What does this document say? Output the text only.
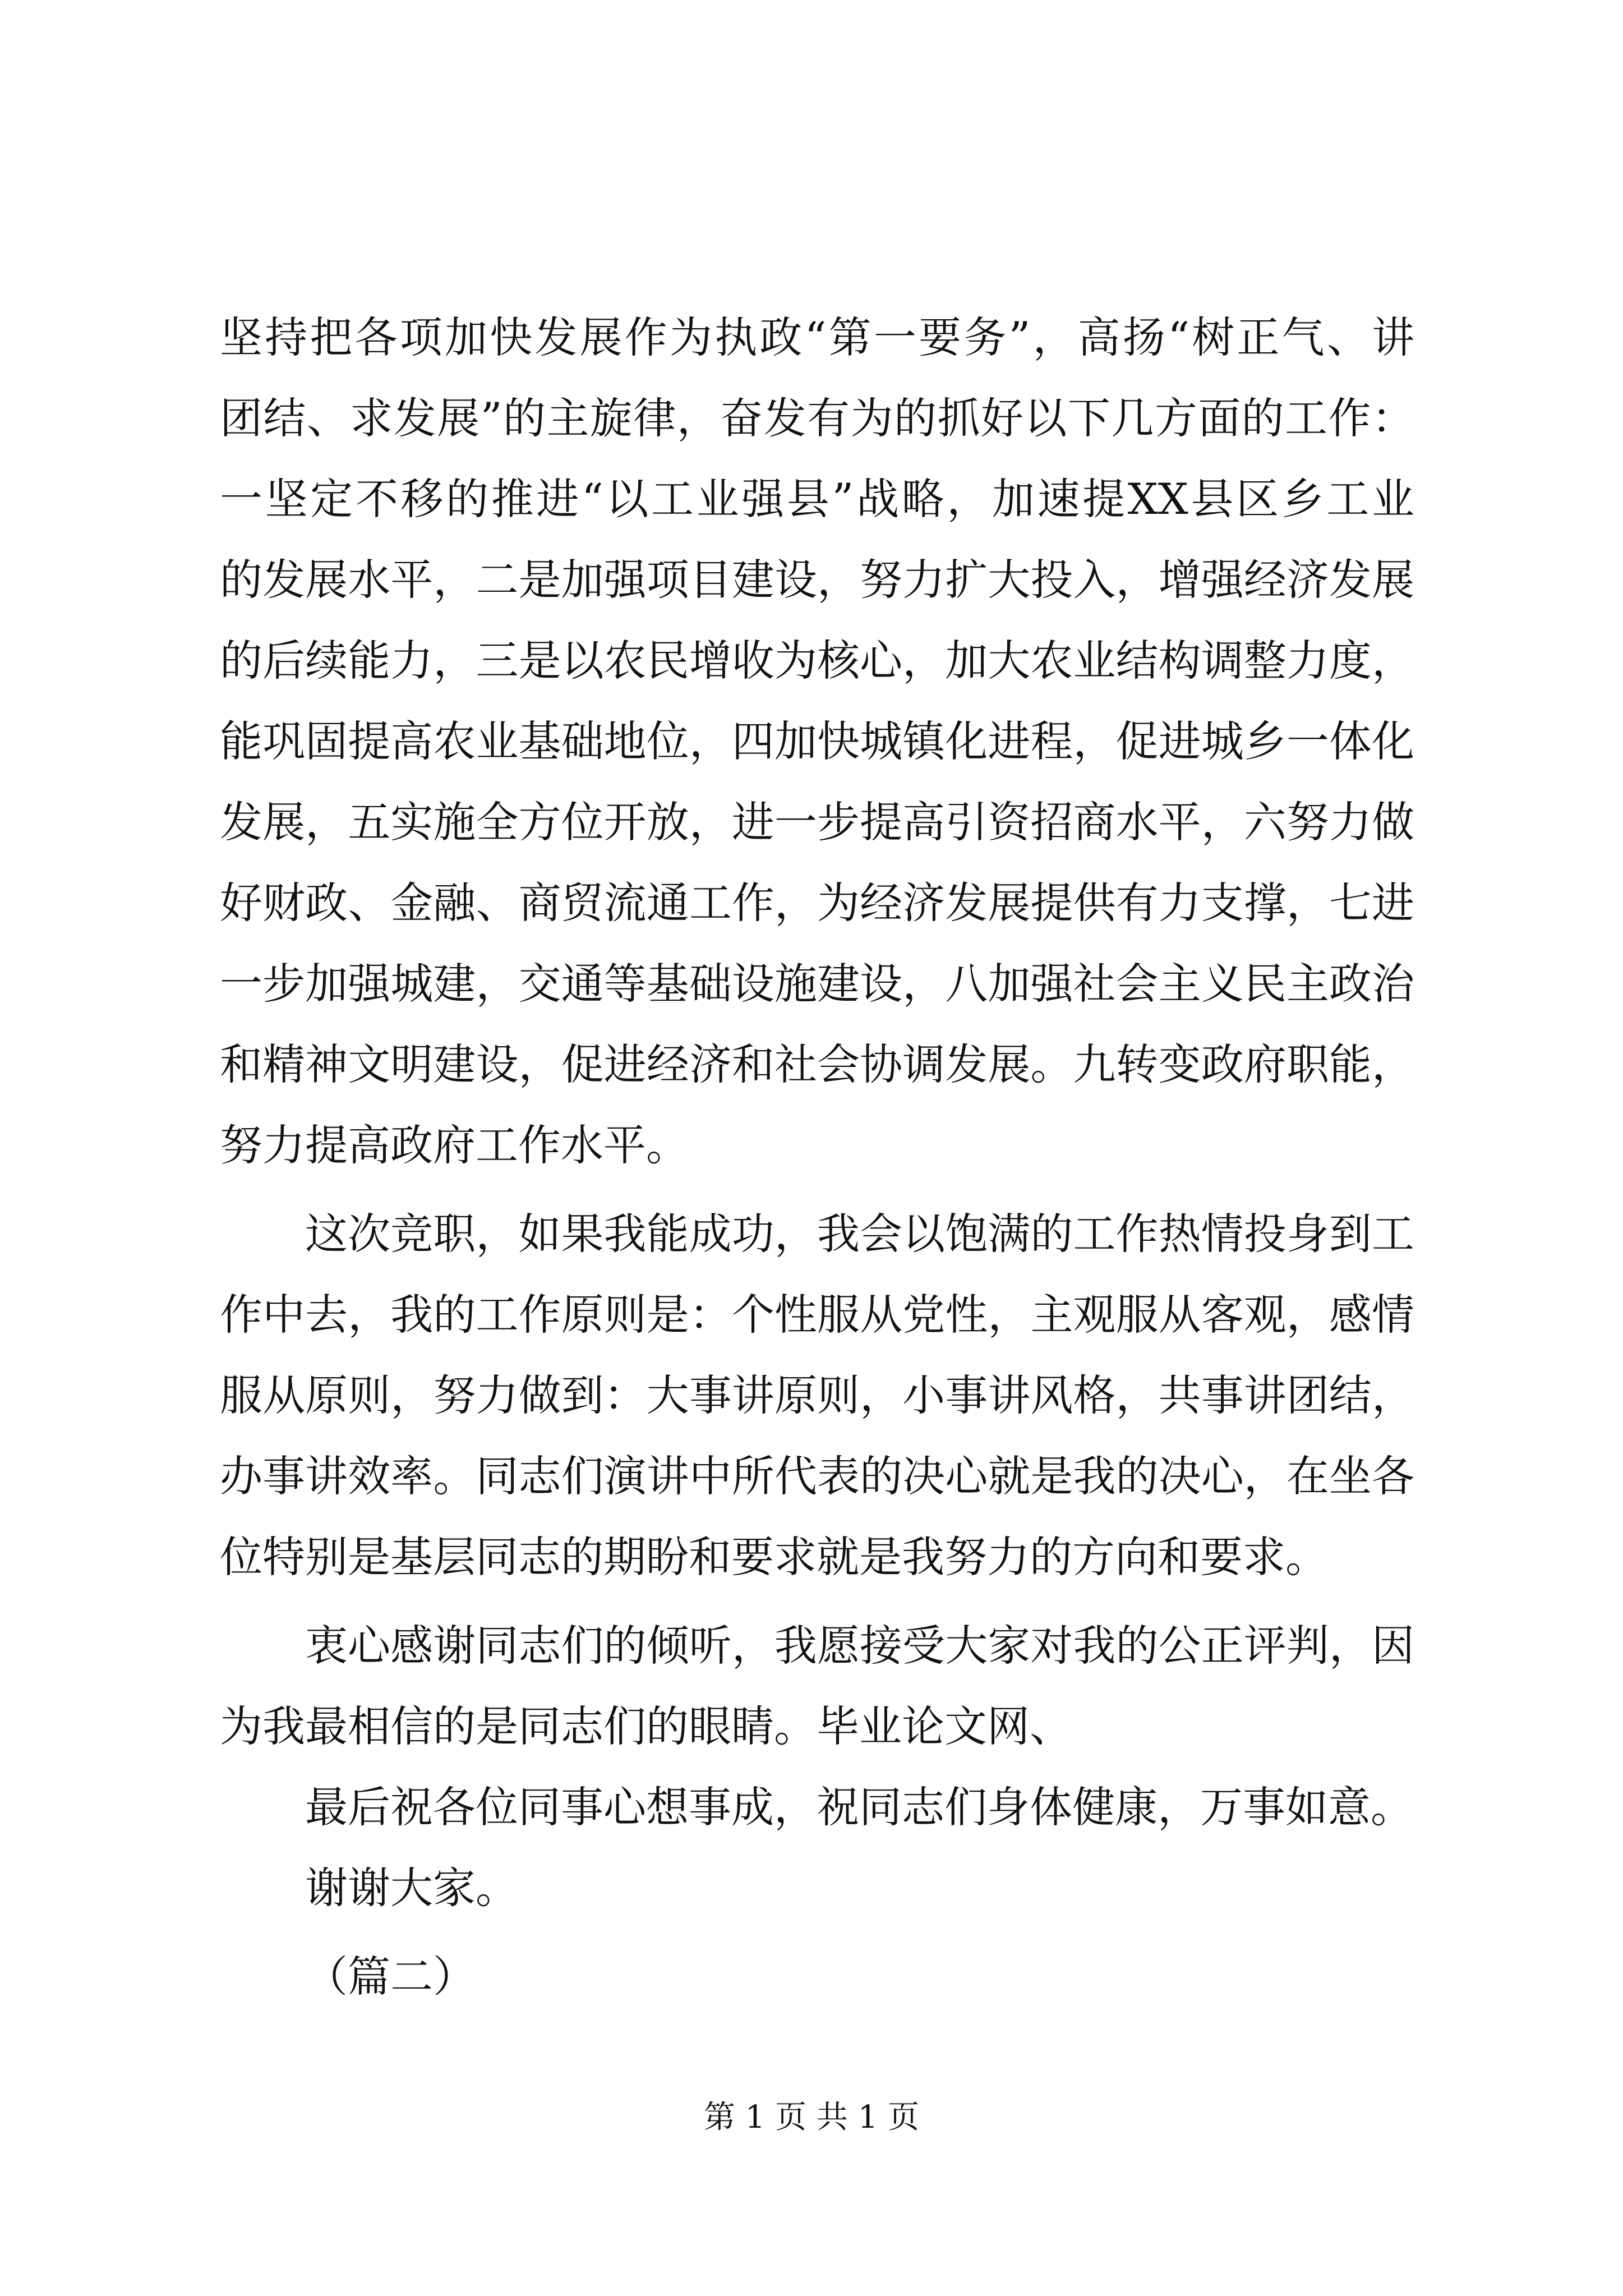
坚持把各项加快发展作为执政“第一要务”，高扬“树正气、讲
团结、求发展”的主旋律，奋发有为的抓好以下几方面的工作：
一坚定不移的推进“以工业强县”战略，加速提XX县区乡工业
的发展水平，二是加强项目建设，努力扩大投入，增强经济发展
的后续能力，三是以农民增收为核心，加大农业结构调整力度，
能巩固提高农业基础地位，四加快城镇化进程，促进城乡一体化
发展，五实施全方位开放，进一步提高引资招商水平，六努力做
好财政、金融、商贸流通工作，为经济发展提供有力支撑，七进
一步加强城建，交通等基础设施建设，八加强社会主义民主政治
和精神文明建设，促进经济和社会协调发展。九转变政府职能，
努力提高政府工作水平。
这次竞职，如果我能成功，我会以饱满的工作热情投身到工
作中去，我的工作原则是：个性服从党性，主观服从客观，感情
服从原则，努力做到：大事讲原则，小事讲风格，共事讲团结，
办事讲效率。同志们演讲中所代表的决心就是我的决心，在坐各
位特别是基层同志的期盼和要求就是我努力的方向和要求。
衷心感谢同志们的倾听，我愿接受大家对我的公正评判，因
为我最相信的是同志们的眼睛。毕业论文网、
最后祝各位同事心想事成，祝同志们身体健康，万事如意。
谢谢大家。
（篇二）
第 1 页 共 1 页
